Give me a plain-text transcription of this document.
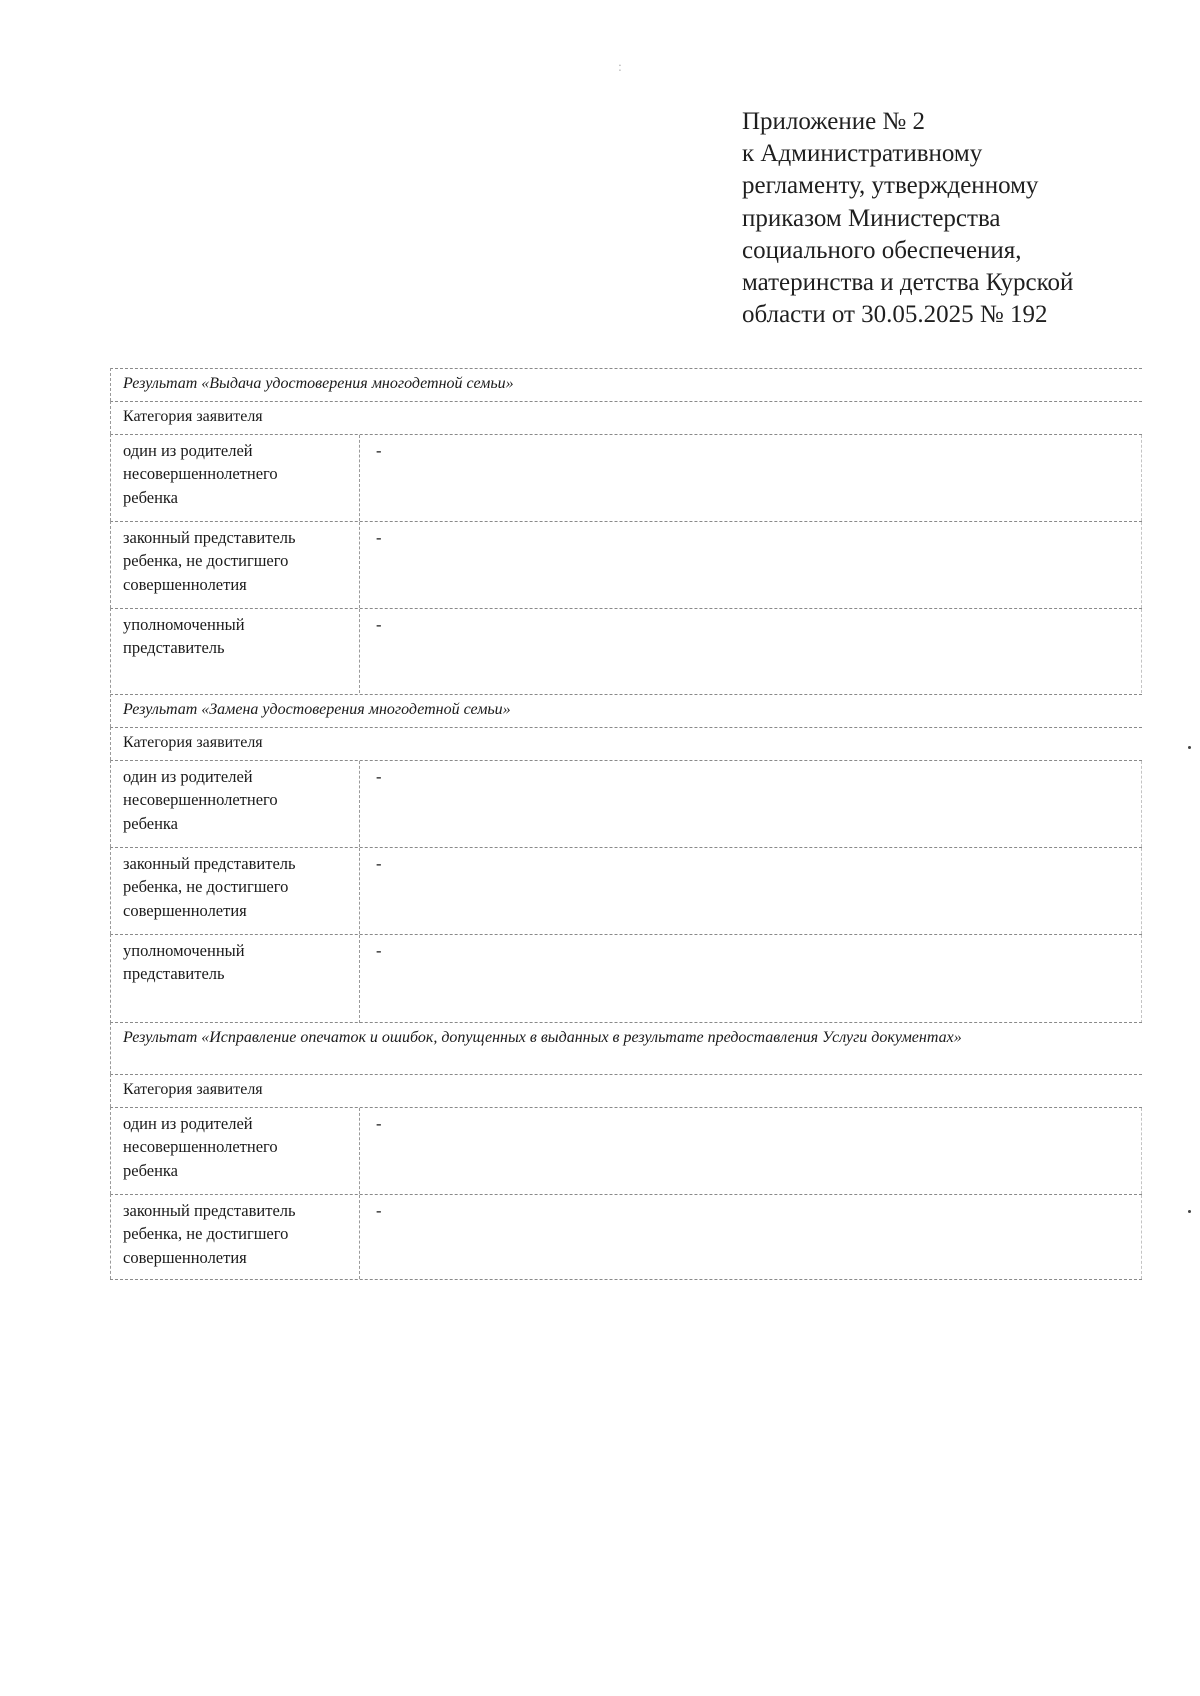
:
Приложение № 2
к Административному
регламенту, утвержденному
приказом Министерства
социального обеспечения,
материнства и детства Курской
области от 30.05.2025 № 192
Результат «Выдача удостоверения многодетной семьи»
Категория заявителя
один из родителей
несовершеннолетнего
ребенка
-
законный представитель
ребенка, не достигшего
совершеннолетия
-
уполномоченный
представитель
-
Результат «Замена удостоверения многодетной семьи»
Категория заявителя
один из родителей
несовершеннолетнего
ребенка
-
законный представитель
ребенка, не достигшего
совершеннолетия
-
уполномоченный
представитель
-
Результат «Исправление опечаток и ошибок, допущенных в выданных в результате предоставления Услуги документах»
Категория заявителя
один из родителей
несовершеннолетнего
ребенка
-
законный представитель
ребенка, не достигшего
совершеннолетия
-
